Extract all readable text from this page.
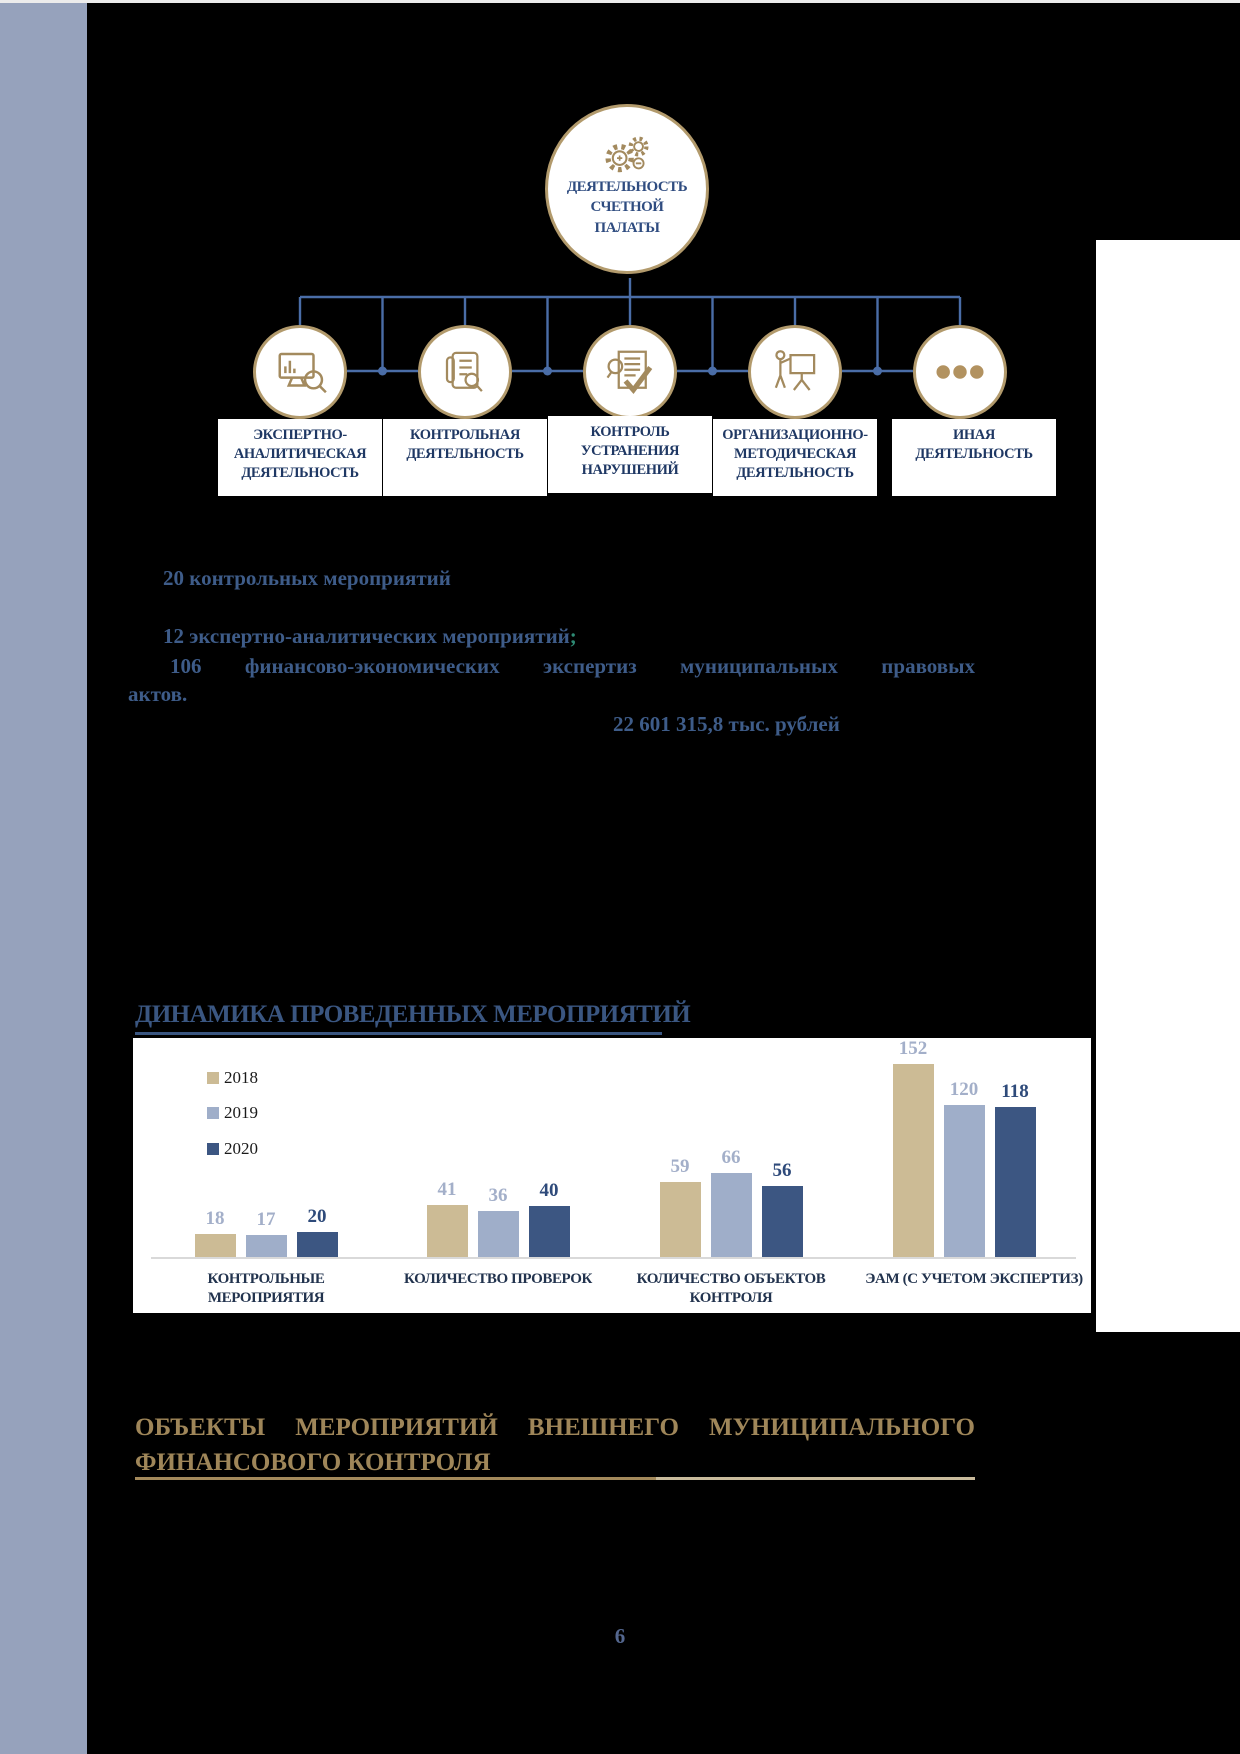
ДЕЯТЕЛЬНОСТЬ
СЧЕТНОЙ
ПАЛАТЫ
ЭКСПЕРТНО-
АНАЛИТИЧЕСКАЯ
ДЕЯТЕЛЬНОСТЬ
КОНТРОЛЬНАЯ
ДЕЯТЕЛЬНОСТЬ
КОНТРОЛЬ
УСТРАНЕНИЯ
НАРУШЕНИЙ
ОРГАНИЗАЦИОННО-
МЕТОДИЧЕСКАЯ
ДЕЯТЕЛЬНОСТЬ
ИНАЯ
ДЕЯТЕЛЬНОСТЬ
20 контрольных мероприятий
12 экспертно-аналитических мероприятий;
106 финансово-экономических экспертиз муниципальных правовых
актов.
22 601 315,8 тыс. рублей
ДИНАМИКА ПРОВЕДЕННЫХ МЕРОПРИЯТИЙ
2018
2019
2020
18
41
59
152
17
36
66
120
20
40
56
118
КОНТРОЛЬНЫЕ
МЕРОПРИЯТИЯ
КОЛИЧЕСТВО ПРОВЕРОК	КОЛИЧЕСТВО ОБЪЕКТОВ
КОНТРОЛЯ
ЭАМ (С УЧЕТОМ ЭКСПЕРТИЗ)
ОБЪЕКТЫ МЕРОПРИЯТИЙ ВНЕШНЕГО МУНИЦИПАЛЬНОГО
ФИНАНСОВОГО КОНТРОЛЯ
6
